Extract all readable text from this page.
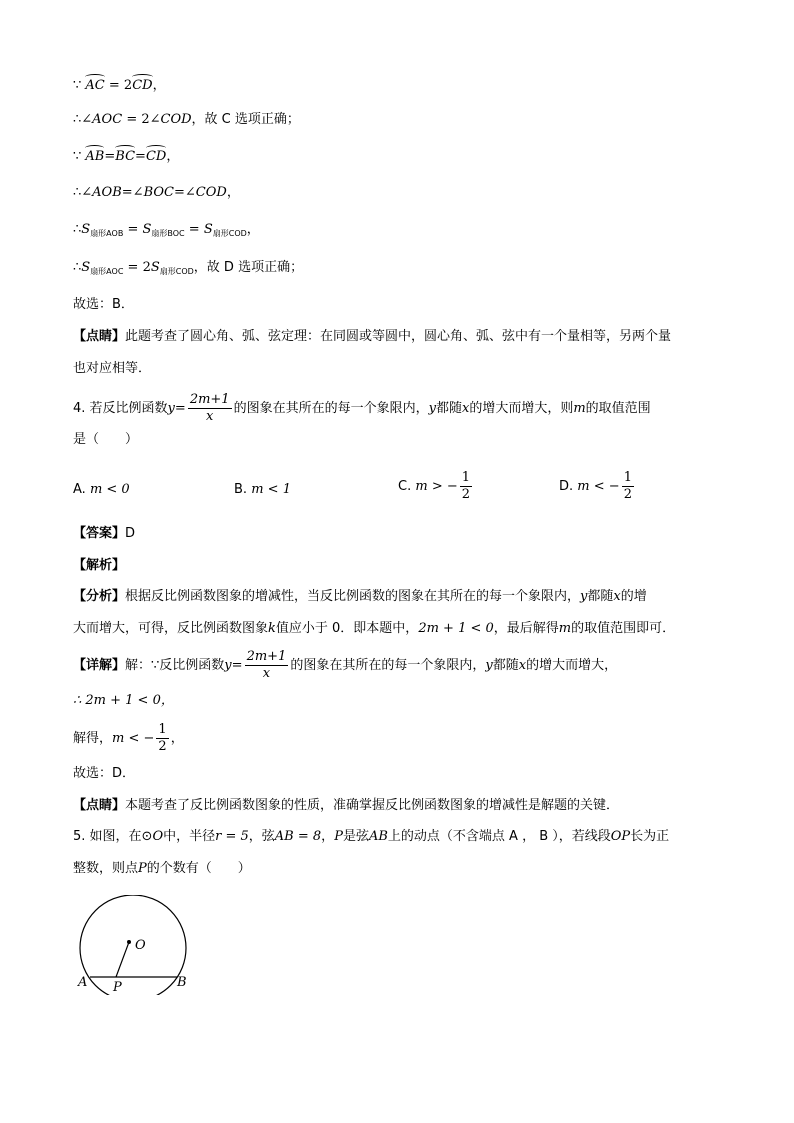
∵ AC = 2CD，
∴∠AOC = 2∠COD，故 C 选项正确；
∵ AB=BC=CD，
∴∠AOB=∠BOC=∠COD，
$\therefore S_{扇形AOB} = S_{扇形BOC} = S_{扇形COD}$，
$\therefore S_{扇形AOC} = 2S_{扇形COD}$，故 D 选项正确；
故选：B．
【点睛】此题考查了圆心角、弧、弦定理：在同圆或等圆中，圆心角、弧、弦中有一个量相等，另两个量
也对应相等．
4. 若反比例函数$y= \frac{2m+1}{x}$ 的图象在其所在的每一个象限内，y都随x的增大而增大，则m的取值范围
是（　　）
A. m < 0	B. m < 1	C. m > − $\frac{1}{2}$	D. m < − $\frac{1}{2}$
【答案】D
【解析】
【分析】根据反比例函数图象的增减性，当反比例函数的图象在其所在的每一个象限内，y都随x的增
大而增大，可得，反比例函数图象k值应小于 0．即本题中，2m + 1 < 0，最后解得m的取值范围即可．
【详解】解：∵反比例函数$y= \frac{2m+1}{x}$ 的图象在其所在的每一个象限内，y都随x的增大而增大，
∴ 2m + 1 < 0，
解得，m < − $\frac{1}{2}$ ，
故选：D．
【点睛】本题考查了反比例函数图象的性质，准确掌握反比例函数图象的增减性是解题的关键．
5. 如图，在⊙O中，半径r = 5，弦AB = 8，P是弦AB上的动点（不含端点 A ， B ），若线段OP长为正
整数，则点P的个数有（　　）
O
A	B
P
